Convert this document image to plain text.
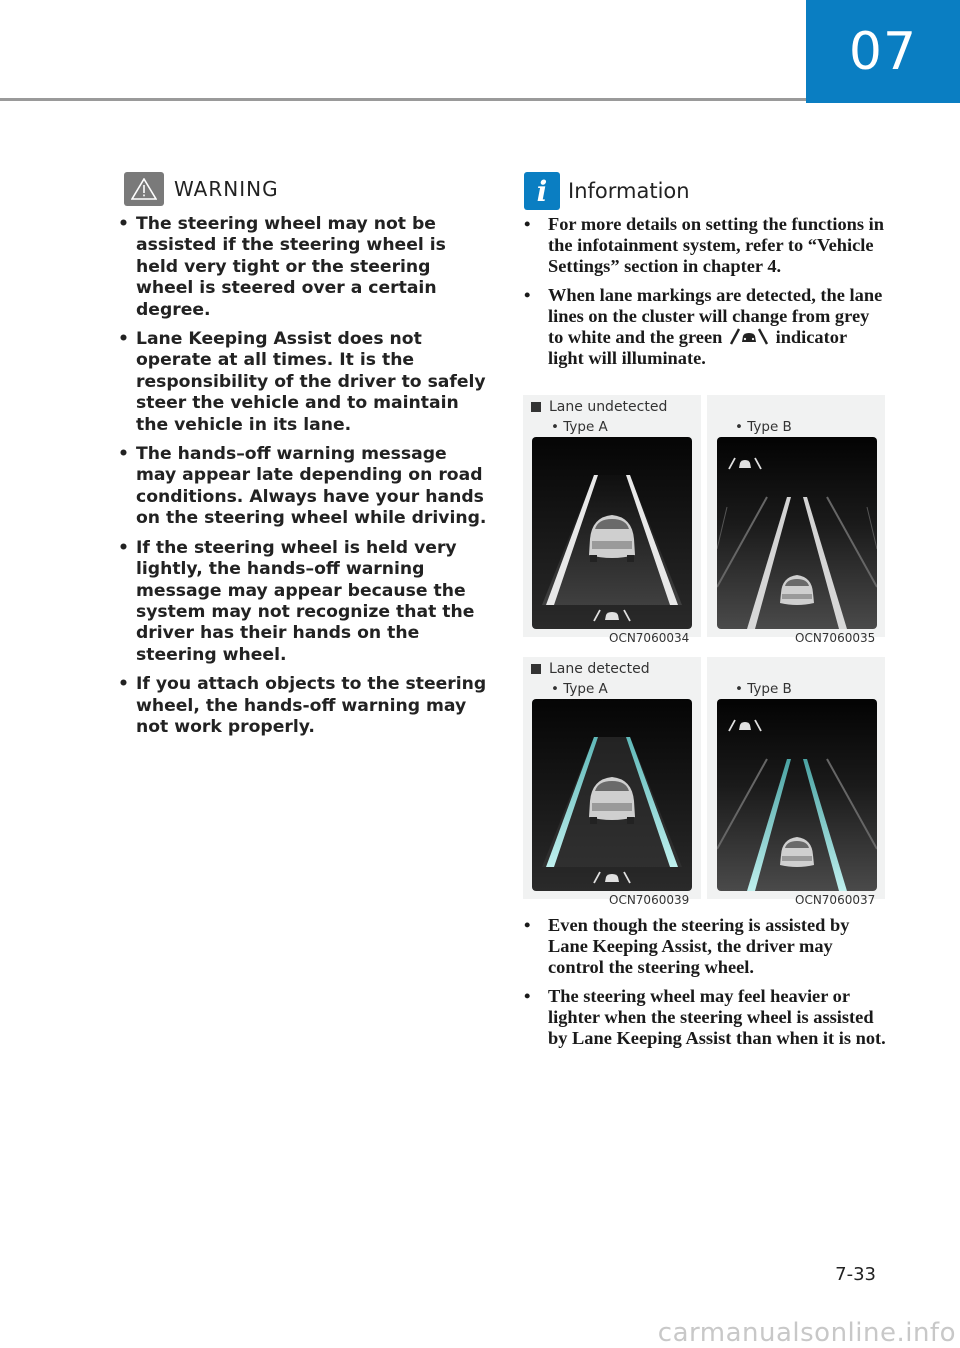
07
WARNING
• The steering wheel may not be assisted if the steering wheel is held very tight or the steering wheel is steered over a certain degree.
• Lane Keeping Assist does not operate at all times. It is the responsibility of the driver to safely steer the vehicle and to maintain the vehicle in its lane.
• The hands–off warning message may appear late depending on road conditions. Always have your hands on the steering wheel while driving.
• If the steering wheel is held very lightly, the hands–off warning message may appear because the system may not recognize that the driver has their hands on the steering wheel.
• If you attach objects to the steering wheel, the hands-off warning may not work properly.
i Information
• For more details on setting the functions in the infotainment system, refer to “Vehicle Settings” section in chapter 4.
• When lane markings are detected, the lane lines on the cluster will change from grey to white and the green	indicator light will illuminate.
Lane undetected
• Type A	• Type B
OCN7060034	OCN7060035
Lane detected
• Type A	• Type B
OCN7060039	OCN7060037
• Even though the steering is assisted by Lane Keeping Assist, the driver may control the steering wheel.
• The steering wheel may feel heavier or lighter when the steering wheel is assisted by Lane Keeping Assist than when it is not.
7-33
carmanualsonline.info
